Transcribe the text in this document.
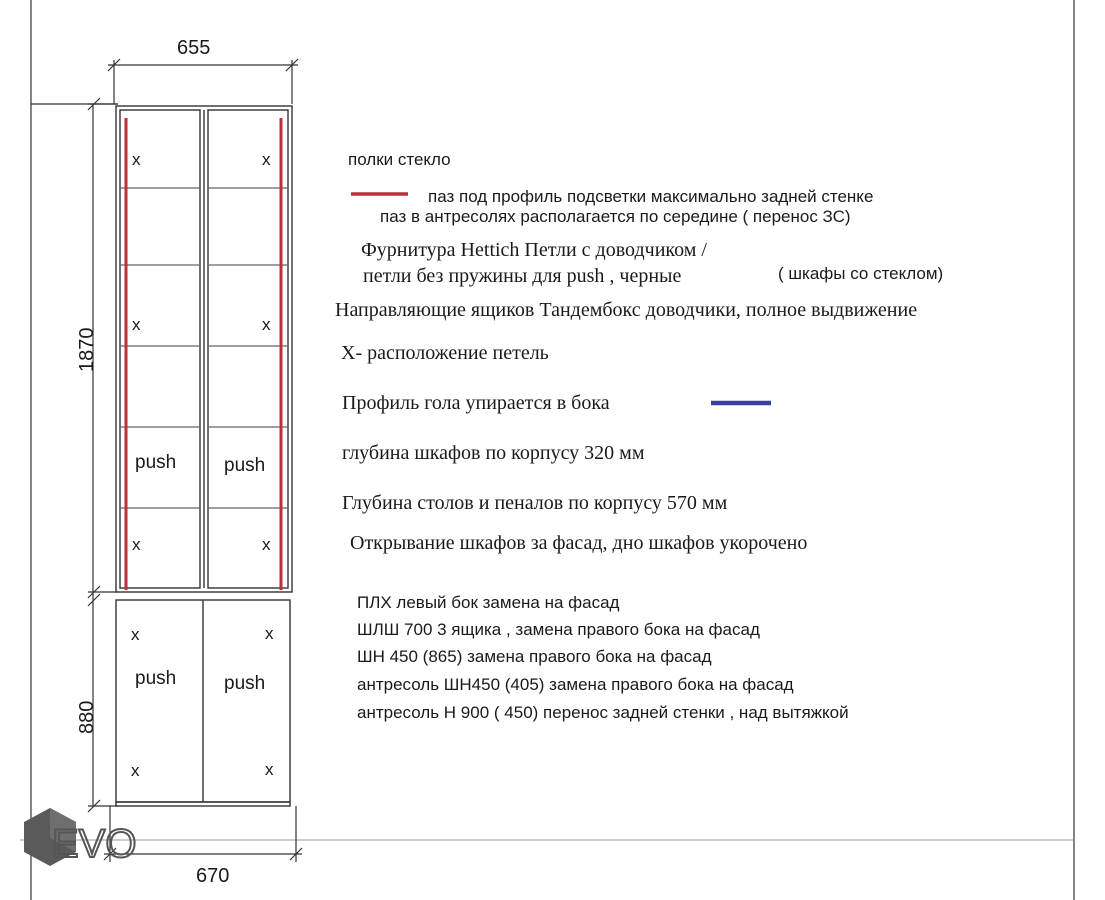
655
1870
880
670
x	x
x	x
x	x
push	push
x	x
push	push
x	x
EVO
полки стекло
паз под профиль подсветки максимально задней стенке
паз в антресолях располагается по середине ( перенос ЗС)
Фурнитура Hettich Петли с доводчиком /
петли без пружины для push , черные	( шкафы со стеклом)
Направляющие ящиков Тандембокс доводчики, полное выдвижение
Х- расположение петель
Профиль гола упирается в бока
глубина шкафов по корпусу 320 мм
Глубина столов и пеналов по корпусу 570 мм
Открывание шкафов за фасад, дно шкафов укорочено
ПЛХ левый бок замена на фасад
ШЛШ 700 3 ящика , замена правого бока на фасад
ШН 450 (865) замена правого бока на фасад
антресоль ШН450 (405) замена правого бока на фасад
антресоль Н 900 ( 450) перенос задней стенки , над вытяжкой
